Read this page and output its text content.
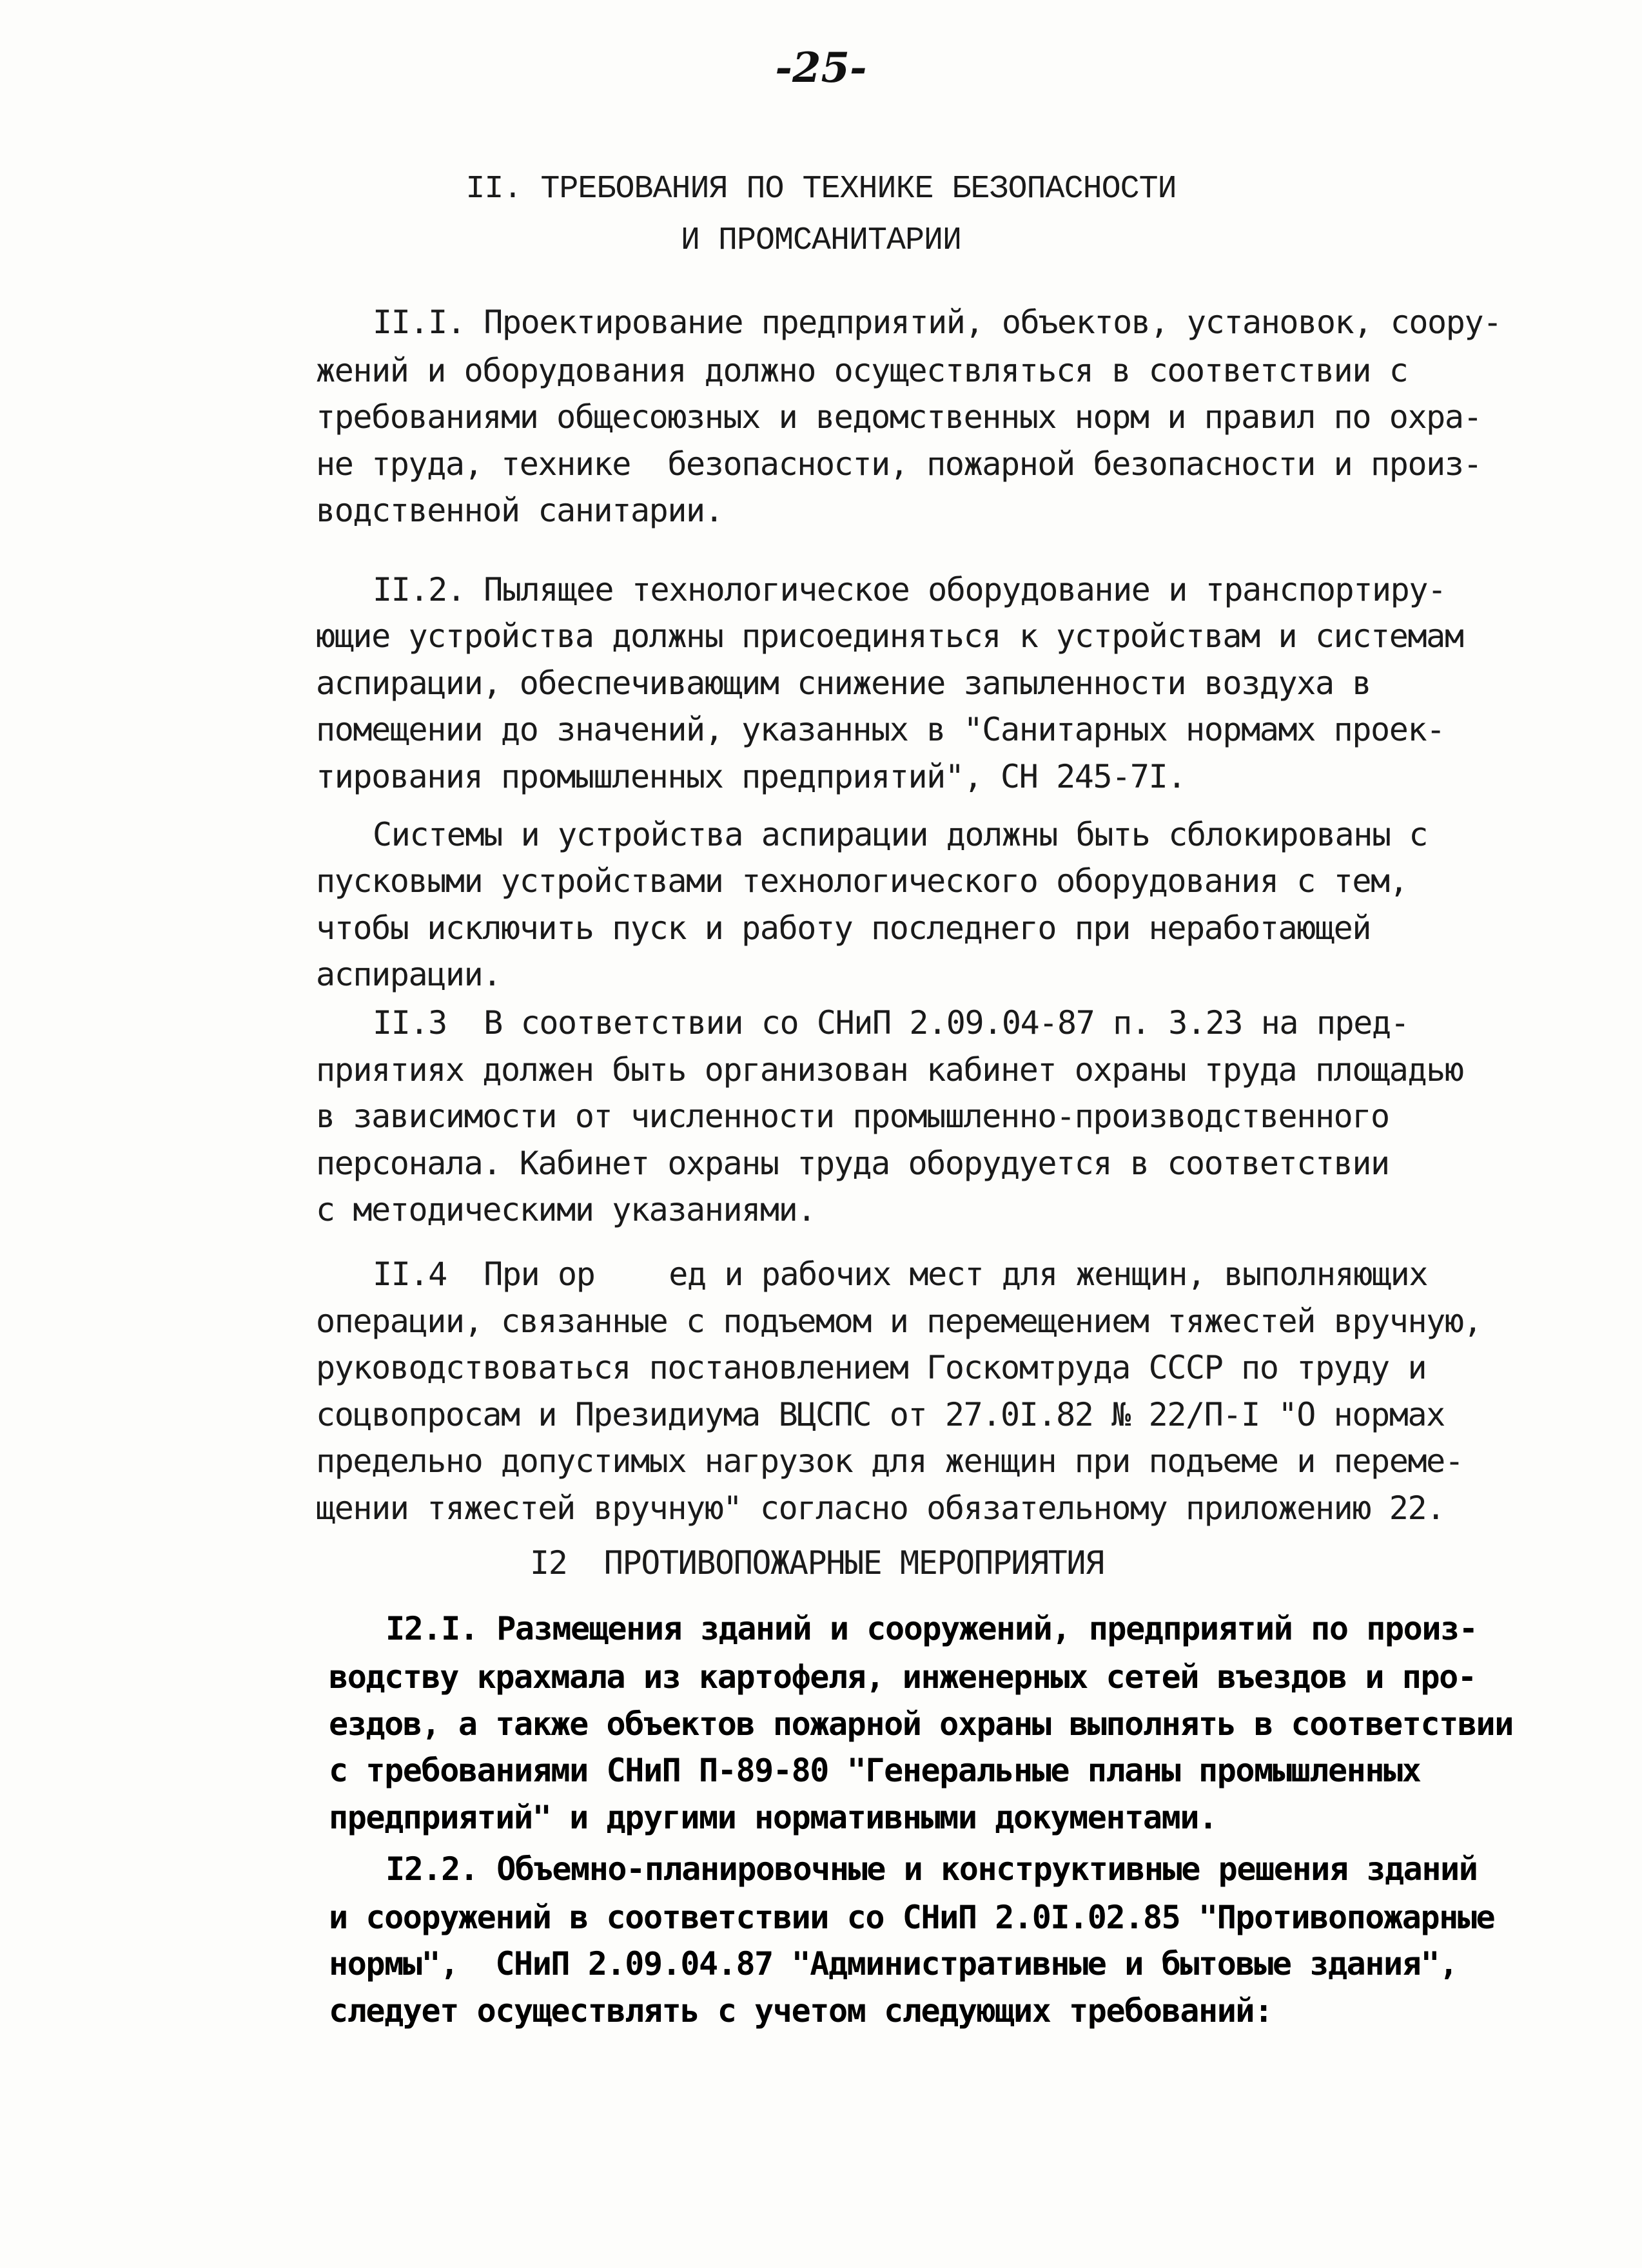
-25-
II. ТРЕБОВАНИЯ ПО ТЕХНИКЕ БЕЗОПАСНОСТИ
И ПРОМСАНИТАРИИ
II.I. Проектирование предприятий, объектов, установок, соору-
жений и оборудования должно осуществляться в соответствии с
требованиями общесоюзных и ведомственных норм и правил по охра-
не труда, технике  безопасности, пожарной безопасности и произ-
водственной санитарии.
II.2. Пылящее технологическое оборудование и транспортиру-
ющие устройства должны присоединяться к устройствам и системам
аспирации, обеспечивающим снижение запыленности воздуха в
помещении до значений, указанных в "Санитарных нормамх проек-
тирования промышленных предприятий", СН 245-7I.
Системы и устройства аспирации должны быть сблокированы с
пусковыми устройствами технологического оборудования с тем,
чтобы исключить пуск и работу последнего при неработающей
аспирации.
II.3  В соответствии со СНиП 2.09.04-87 п. 3.23 на пред-
приятиях должен быть организован кабинет охраны труда площадью
в зависимости от численности промышленно-производственного
персонала. Кабинет охраны труда оборудуется в соответствии
с методическими указаниями.
II.4  При ор    ед и рабочих мест для женщин, выполняющих
операции, связанные с подъемом и перемещением тяжестей вручную,
руководствоваться постановлением Госкомтруда СССР по труду и
соцвопросам и Президиума ВЦСПС от 27.0I.82 № 22/П-I "О нормах
предельно допустимых нагрузок для женщин при подъеме и переме-
щении тяжестей вручную" согласно обязательному приложению 22.
I2  ПРОТИВОПОЖАРНЫЕ МЕРОПРИЯТИЯ
I2.I. Размещения зданий и сооружений, предприятий по произ-
водству крахмала из картофеля, инженерных сетей въездов и про-
ездов, а также объектов пожарной охраны выполнять в соответствии
с требованиями СНиП П-89-80 "Генеральные планы промышленных
предприятий" и другими нормативными документами.
I2.2. Объемно-планировочные и конструктивные решения зданий
и сооружений в соответствии со СНиП 2.0I.02.85 "Противопожарные
нормы",  СНиП 2.09.04.87 "Административные и бытовые здания",
следует осуществлять с учетом следующих требований:
